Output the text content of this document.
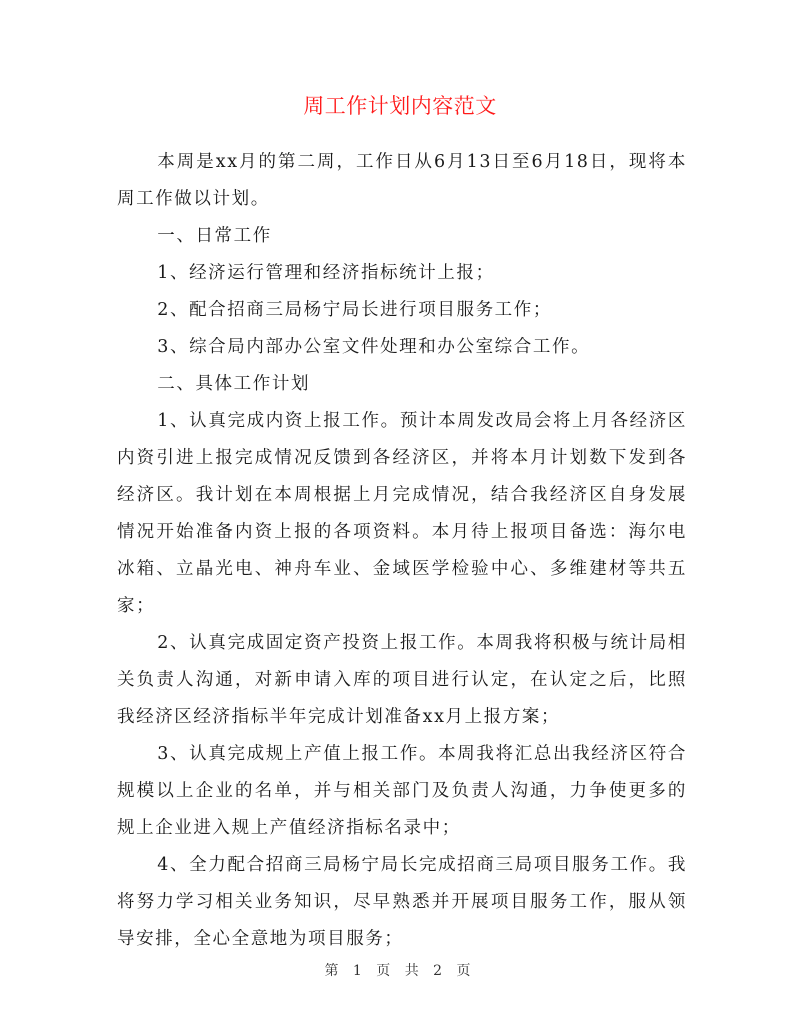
周工作计划内容范文

本周是xx月的第二周，工作日从6月13日至6月18日，现将本周工作做以计划。

一、日常工作

1、经济运行管理和经济指标统计上报；

2、配合招商三局杨宁局长进行项目服务工作；

3、综合局内部办公室文件处理和办公室综合工作。

二、具体工作计划

1、认真完成内资上报工作。预计本周发改局会将上月各经济区内资引进上报完成情况反馈到各经济区，并将本月计划数下发到各经济区。我计划在本周根据上月完成情况，结合我经济区自身发展情况开始准备内资上报的各项资料。本月待上报项目备选：海尔电冰箱、立晶光电、神舟车业、金域医学检验中心、多维建材等共五家；

2、认真完成固定资产投资上报工作。本周我将积极与统计局相关负责人沟通，对新申请入库的项目进行认定，在认定之后，比照我经济区经济指标半年完成计划准备xx月上报方案；

3、认真完成规上产值上报工作。本周我将汇总出我经济区符合规模以上企业的名单，并与相关部门及负责人沟通，力争使更多的规上企业进入规上产值经济指标名录中；

4、全力配合招商三局杨宁局长完成招商三局项目服务工作。我将努力学习相关业务知识，尽早熟悉并开展项目服务工作，服从领导安排，全心全意地为项目服务；

第 1 页 共 2 页
